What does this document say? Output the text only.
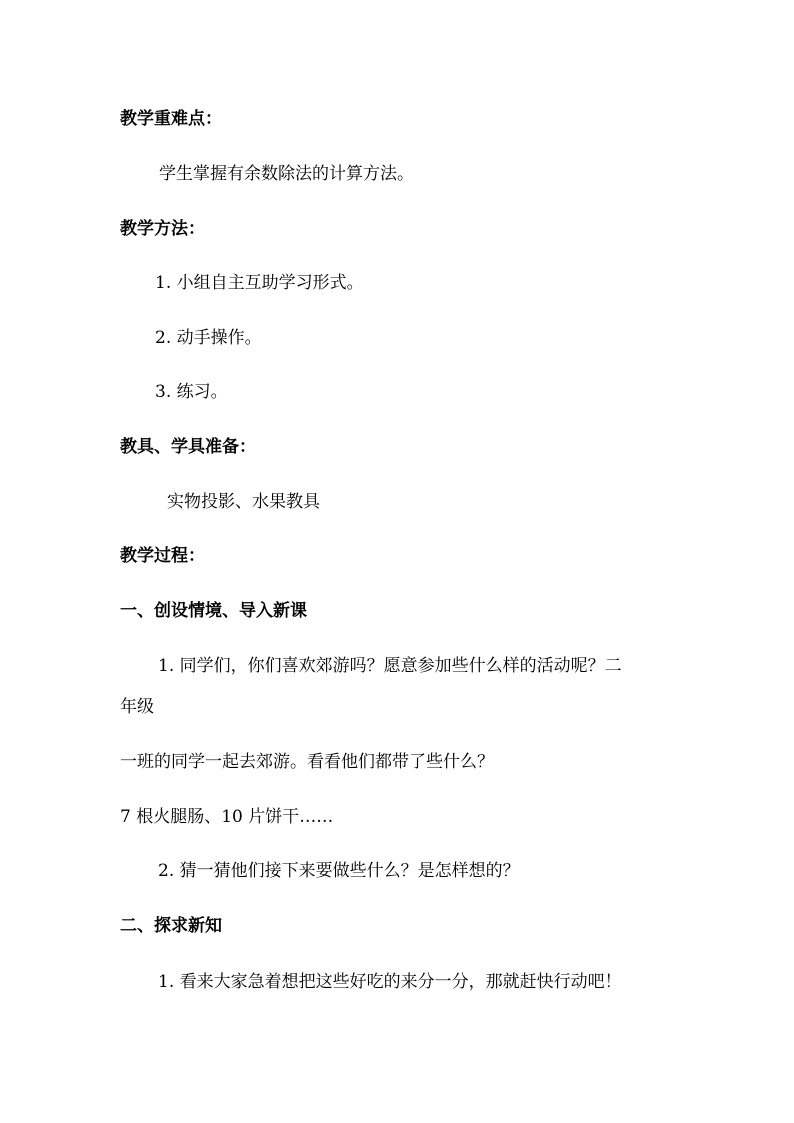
教学重难点：
学生掌握有余数除法的计算方法。
教学方法：
1. 小组自主互助学习形式。
2. 动手操作。
3. 练习。
教具、学具准备：
实物投影、水果教具
教学过程：
一、创设情境、导入新课
1. 同学们，你们喜欢郊游吗？愿意参加些什么样的活动呢？二
年级
一班的同学一起去郊游。看看他们都带了些什么？
7 根火腿肠、10 片饼干……
2. 猜一猜他们接下来要做些什么？是怎样想的？
二、探求新知
1. 看来大家急着想把这些好吃的来分一分，那就赶快行动吧！
